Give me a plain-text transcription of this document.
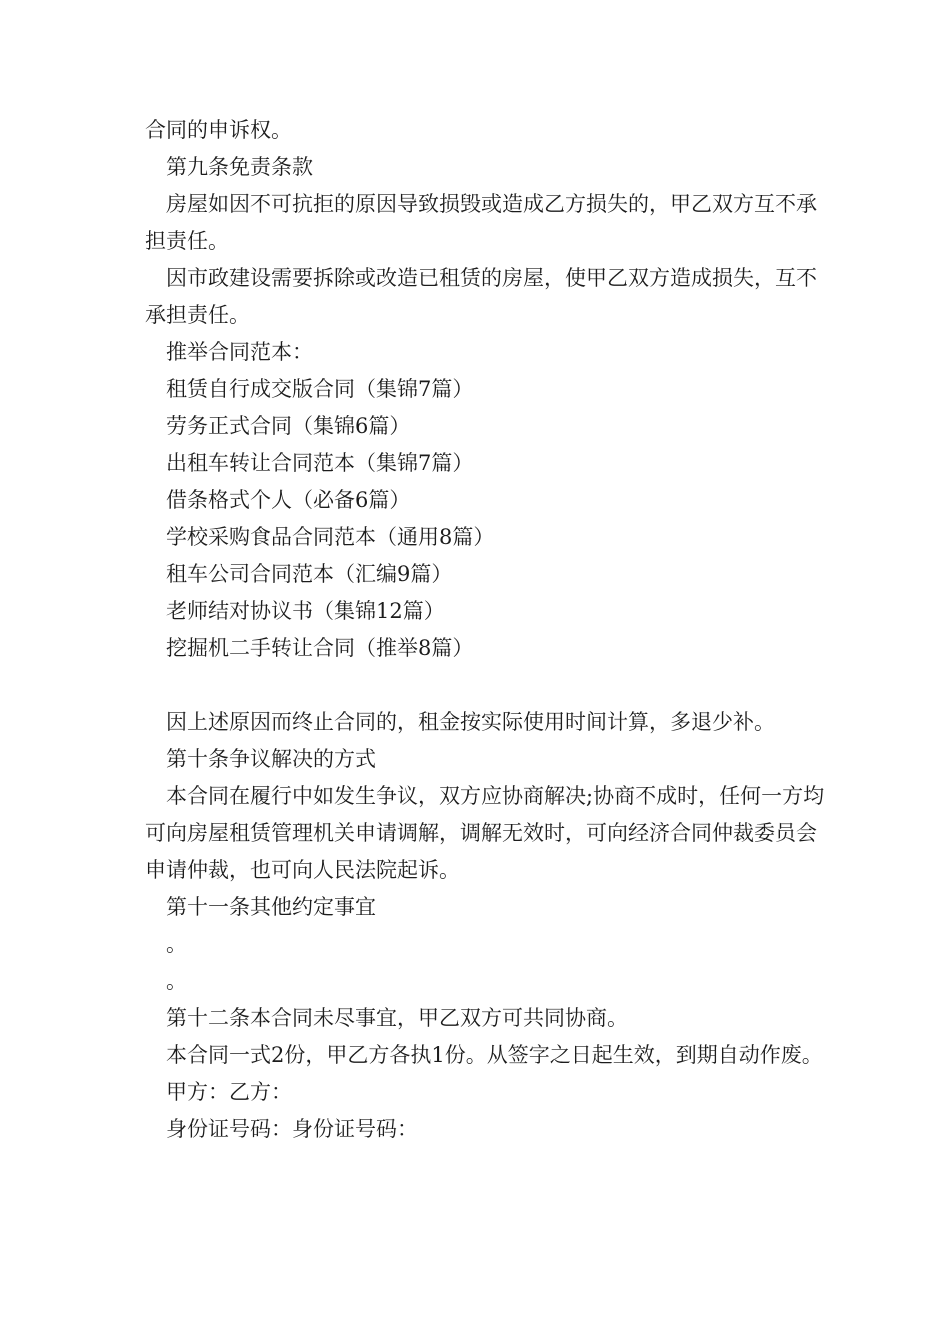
合同的申诉权。

第九条免责条款

房屋如因不可抗拒的原因导致损毁或造成乙方损失的，甲乙双方互不承担责任。

因市政建设需要拆除或改造已租赁的房屋，使甲乙双方造成损失，互不承担责任。

推举合同范本：

租赁自行成交版合同（集锦7篇）
劳务正式合同（集锦6篇）
出租车转让合同范本（集锦7篇）
借条格式个人（必备6篇）
学校采购食品合同范本（通用8篇）
租车公司合同范本（汇编9篇）
老师结对协议书（集锦12篇）
挖掘机二手转让合同（推举8篇）

因上述原因而终止合同的，租金按实际使用时间计算，多退少补。

第十条争议解决的方式

本合同在履行中如发生争议，双方应协商解决;协商不成时，任何一方均可向房屋租赁管理机关申请调解，调解无效时，可向经济合同仲裁委员会申请仲裁，也可向人民法院起诉。

第十一条其他约定事宜

。

。

第十二条本合同未尽事宜，甲乙双方可共同协商。

本合同一式2份，甲乙方各执1份。从签字之日起生效，到期自动作废。

甲方：乙方：

身份证号码：身份证号码：
